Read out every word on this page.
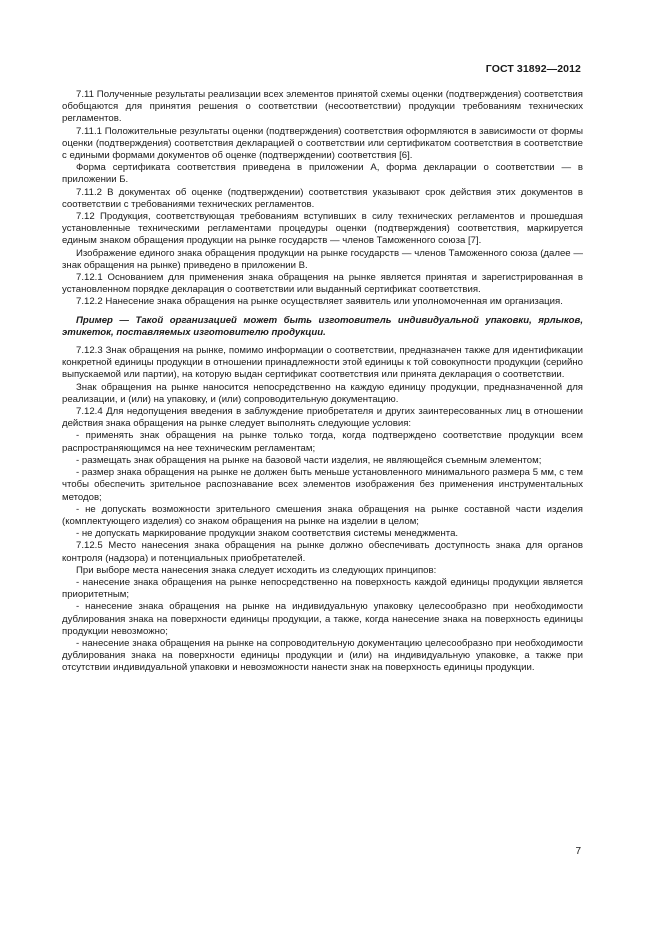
ГОСТ 31892—2012

7.11 Полученные результаты реализации всех элементов принятой схемы оценки (подтверждения) соответствия обобщаются для принятия решения о соответствии (несоответствии) продукции требованиям технических регламентов.

7.11.1 Положительные результаты оценки (подтверждения) соответствия оформляются в зависимости от формы оценки (подтверждения) соответствия декларацией о соответствии или сертификатом соответствия в соответствие с едиными формами документов об оценке (подтверждении) соответствия [6].

Форма сертификата соответствия приведена в приложении А, форма декларации о соответствии — в приложении Б.

7.11.2 В документах об оценке (подтверждении) соответствия указывают срок действия этих документов в соответствии с требованиями технических регламентов.

7.12 Продукция, соответствующая требованиям вступивших в силу технических регламентов и прошедшая установленные техническими регламентами процедуры оценки (подтверждения) соответствия, маркируется единым знаком обращения продукции на рынке государств — членов Таможенного союза [7].

Изображение единого знака обращения продукции на рынке государств — членов Таможенного союза (далее — знак обращения на рынке) приведено в приложении В.

7.12.1 Основанием для применения знака обращения на рынке является принятая и зарегистрированная в установленном порядке декларация о соответствии или выданный сертификат соответствия.

7.12.2 Нанесение знака обращения на рынке осуществляет заявитель или уполномоченная им организация.

Пример — Такой организацией может быть изготовитель индивидуальной упаковки, ярлыков, этикеток, поставляемых изготовителю продукции.

7.12.3 Знак обращения на рынке, помимо информации о соответствии, предназначен также для идентификации конкретной единицы продукции в отношении принадлежности этой единицы к той совокупности продукции (серийно выпускаемой или партии), на которую выдан сертификат соответствия или принята декларация о соответствии.

Знак обращения на рынке наносится непосредственно на каждую единицу продукции, предназначенной для реализации, и (или) на упаковку, и (или) сопроводительную документацию.

7.12.4 Для недопущения введения в заблуждение приобретателя и других заинтересованных лиц в отношении действия знака обращения на рынке следует выполнять следующие условия:

- применять знак обращения на рынке только тогда, когда подтверждено соответствие продукции всем распространяющимся на нее техническим регламентам;

- размещать знак обращения на рынке на базовой части изделия, не являющейся съемным элементом;

- размер знака обращения на рынке не должен быть меньше установленного минимального размера 5 мм, с тем чтобы обеспечить зрительное распознавание всех элементов изображения без применения инструментальных методов;

- не допускать возможности зрительного смешения знака обращения на рынке составной части изделия (комплектующего изделия) со знаком обращения на рынке на изделии в целом;

- не допускать маркирование продукции знаком соответствия системы менеджмента.

7.12.5 Место нанесения знака обращения на рынке должно обеспечивать доступность знака для органов контроля (надзора) и потенциальных приобретателей.

При выборе места нанесения знака следует исходить из следующих принципов:

- нанесение знака обращения на рынке непосредственно на поверхность каждой единицы продукции является приоритетным;

- нанесение знака обращения на рынке на индивидуальную упаковку целесообразно при необходимости дублирования знака на поверхности единицы продукции, а также, когда нанесение знака на поверхность единицы продукции невозможно;

- нанесение знака обращения на рынке на сопроводительную документацию целесообразно при необходимости дублирования знака на поверхности единицы продукции и (или) на индивидуальную упаковке, а также при отсутствии индивидуальной упаковки и невозможности нанести знак на поверхность единицы продукции.

7
